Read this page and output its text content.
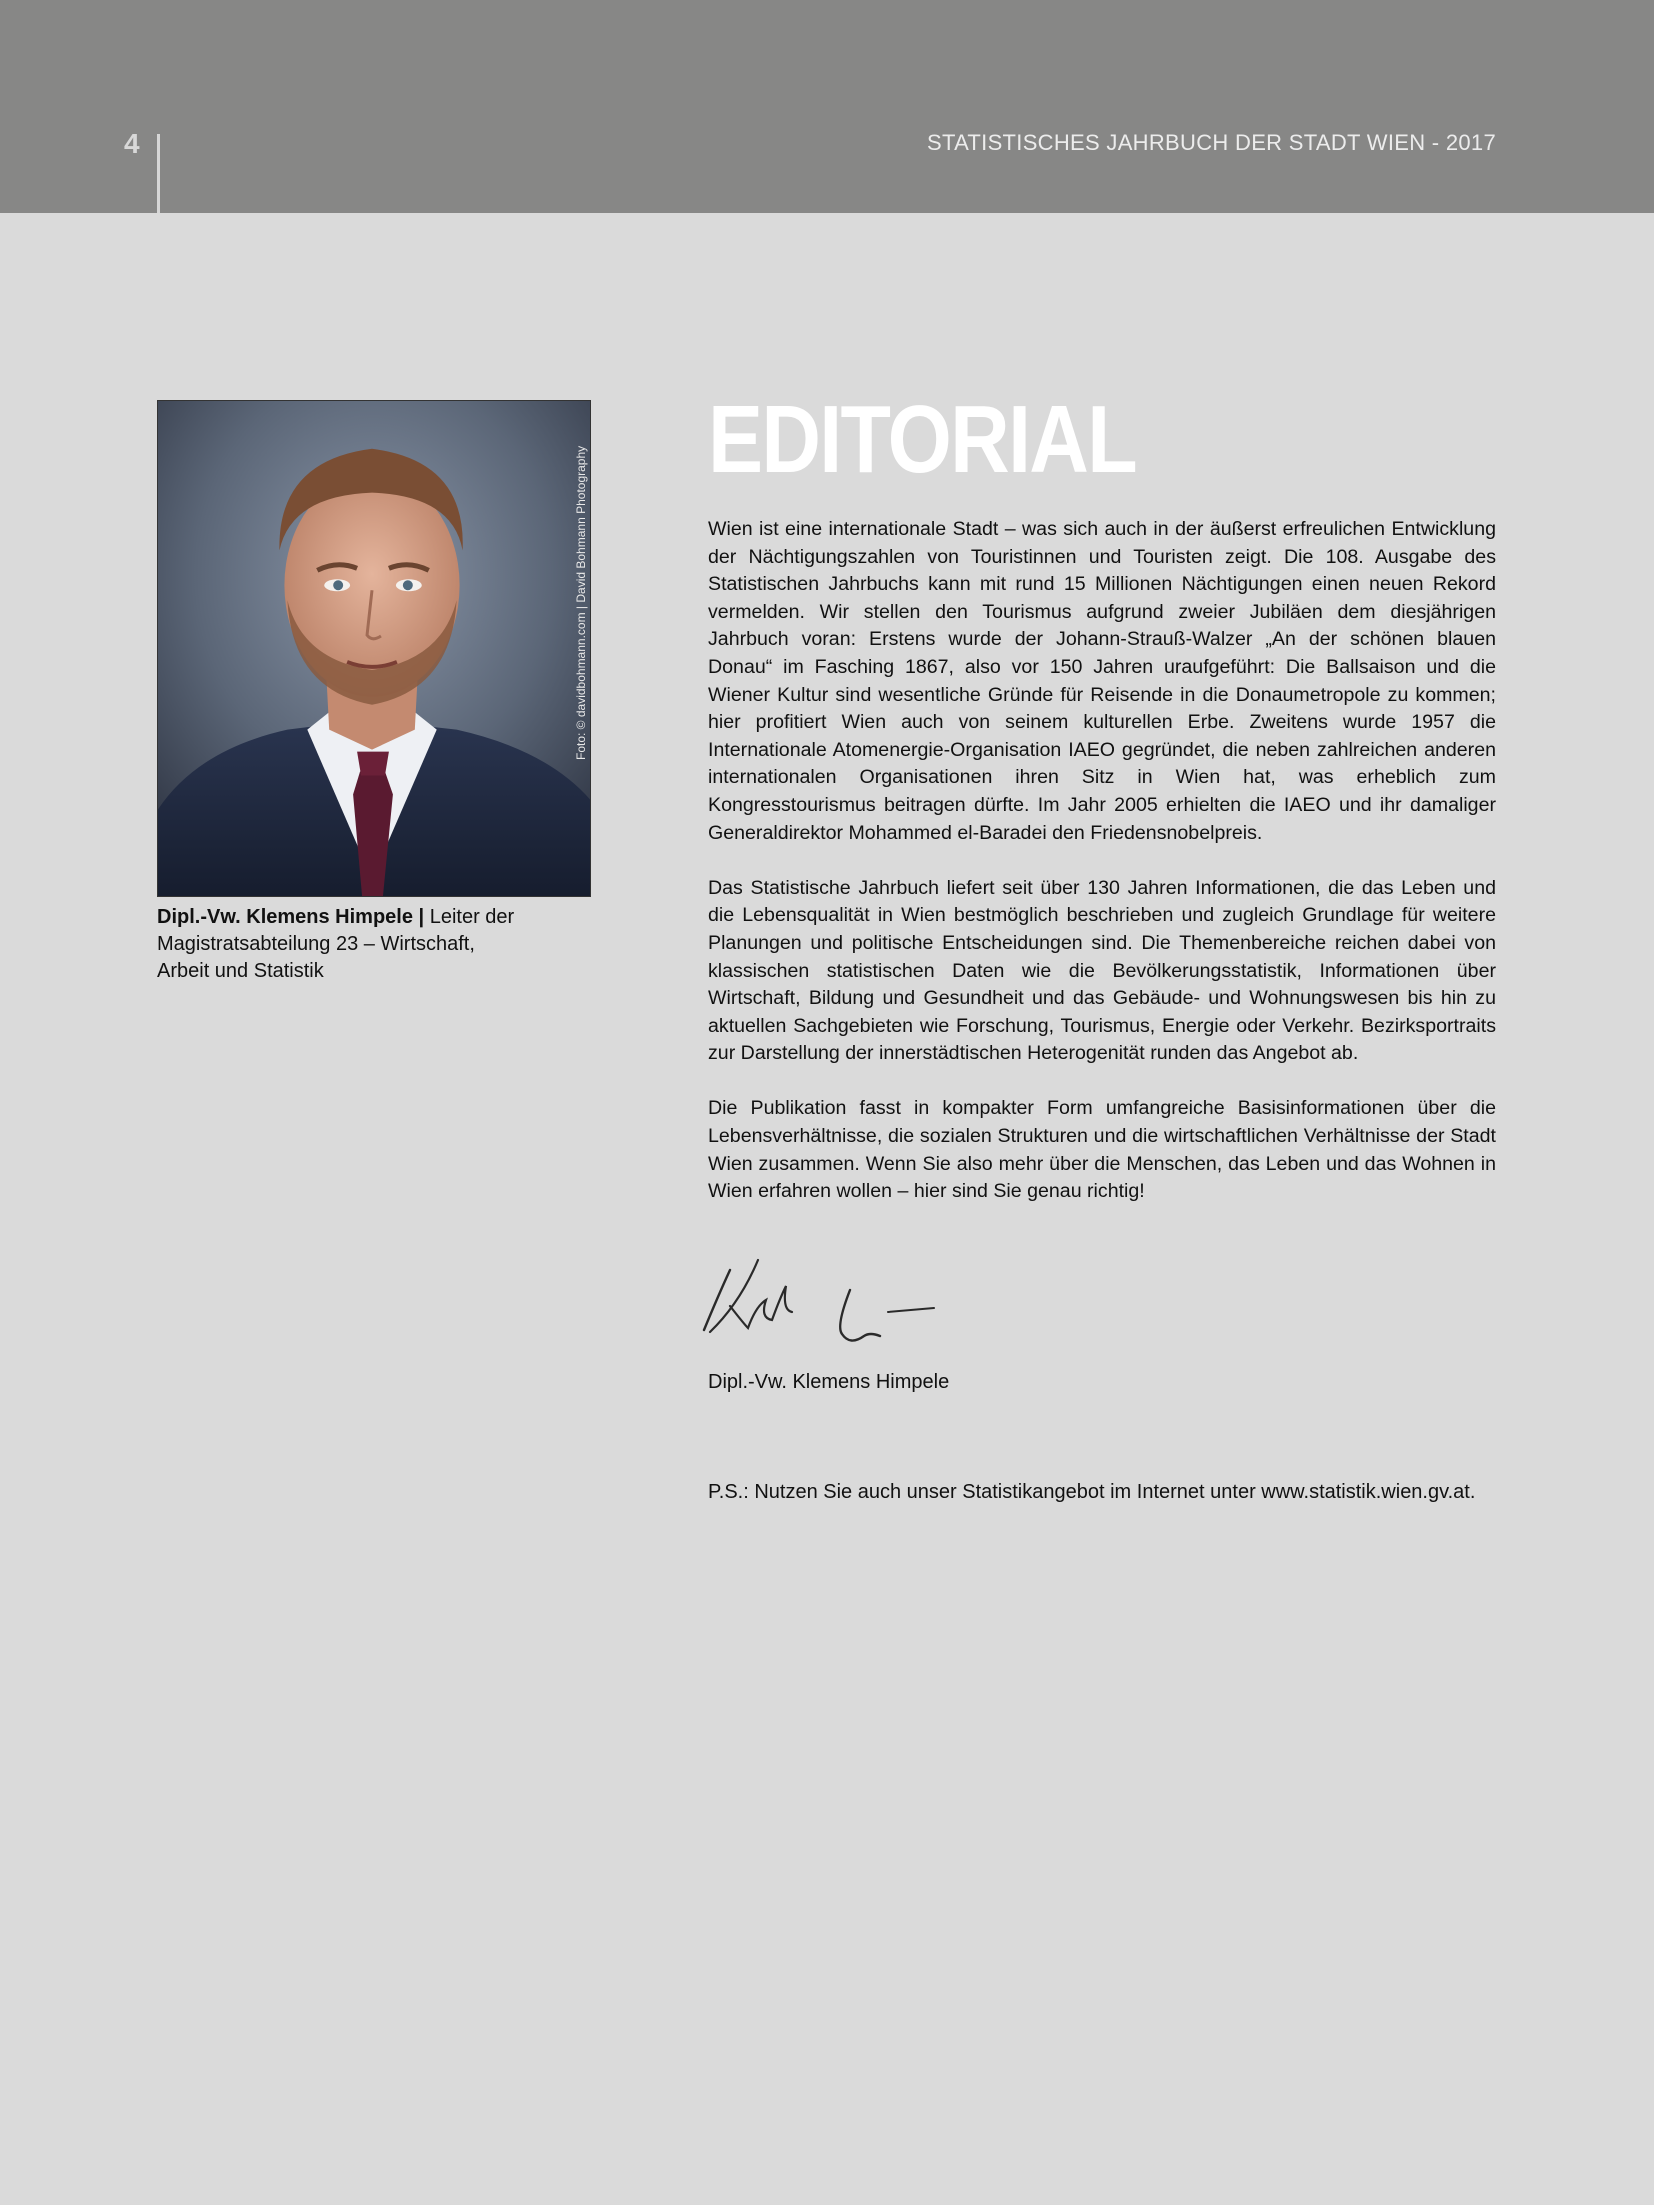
4	STATISTISCHES JAHRBUCH DER STADT WIEN - 2017
Foto: © davidbohmann.com | David Bohmann Photography
Dipl.-Vw. Klemens Himpele | Leiter der Magistratsabteilung 23 – Wirtschaft, Arbeit und Statistik
EDITORIAL

Wien ist eine internationale Stadt – was sich auch in der äußerst erfreulichen Entwicklung der Nächtigungszahlen von Touristinnen und Touristen zeigt. Die 108. Ausgabe des Statistischen Jahrbuchs kann mit rund 15 Millionen Nächtigungen einen neuen Rekord vermelden. Wir stellen den Tourismus aufgrund zweier Jubiläen dem diesjährigen Jahrbuch voran: Erstens wurde der Johann-Strauß-Walzer „An der schönen blauen Donau“ im Fasching 1867, also vor 150 Jahren uraufgeführt: Die Ballsaison und die Wiener Kultur sind wesentliche Gründe für Reisende in die Donaumetropole zu kommen; hier profitiert Wien auch von seinem kulturellen Erbe. Zweitens wurde 1957 die Internationale Atomenergie-Organisation IAEO gegründet, die neben zahlreichen anderen internationalen Organisationen ihren Sitz in Wien hat, was erheblich zum Kongresstourismus beitragen dürfte. Im Jahr 2005 erhielten die IAEO und ihr damaliger Generaldirektor Mohammed el-Baradei den Friedensnobelpreis.

Das Statistische Jahrbuch liefert seit über 130 Jahren Informationen, die das Leben und die Lebensqualität in Wien bestmöglich beschrieben und zugleich Grundlage für weitere Planungen und politische Entscheidungen sind. Die Themenbereiche reichen dabei von klassischen statistischen Daten wie die Bevölkerungsstatistik, Informationen über Wirtschaft, Bildung und Gesundheit und das Gebäude- und Wohnungswesen bis hin zu aktuellen Sachgebieten wie Forschung, Tourismus, Energie oder Verkehr. Bezirksportraits zur Darstellung der innerstädtischen Heterogenität runden das Angebot ab.

Die Publikation fasst in kompakter Form umfangreiche Basisinformationen über die Lebensverhältnisse, die sozialen Strukturen und die wirtschaftlichen Verhältnisse der Stadt Wien zusammen. Wenn Sie also mehr über die Menschen, das Leben und das Wohnen in Wien erfahren wollen – hier sind Sie genau richtig!

Dipl.-Vw. Klemens Himpele
P.S.: Nutzen Sie auch unser Statistikangebot im Internet unter www.statistik.wien.gv.at.
